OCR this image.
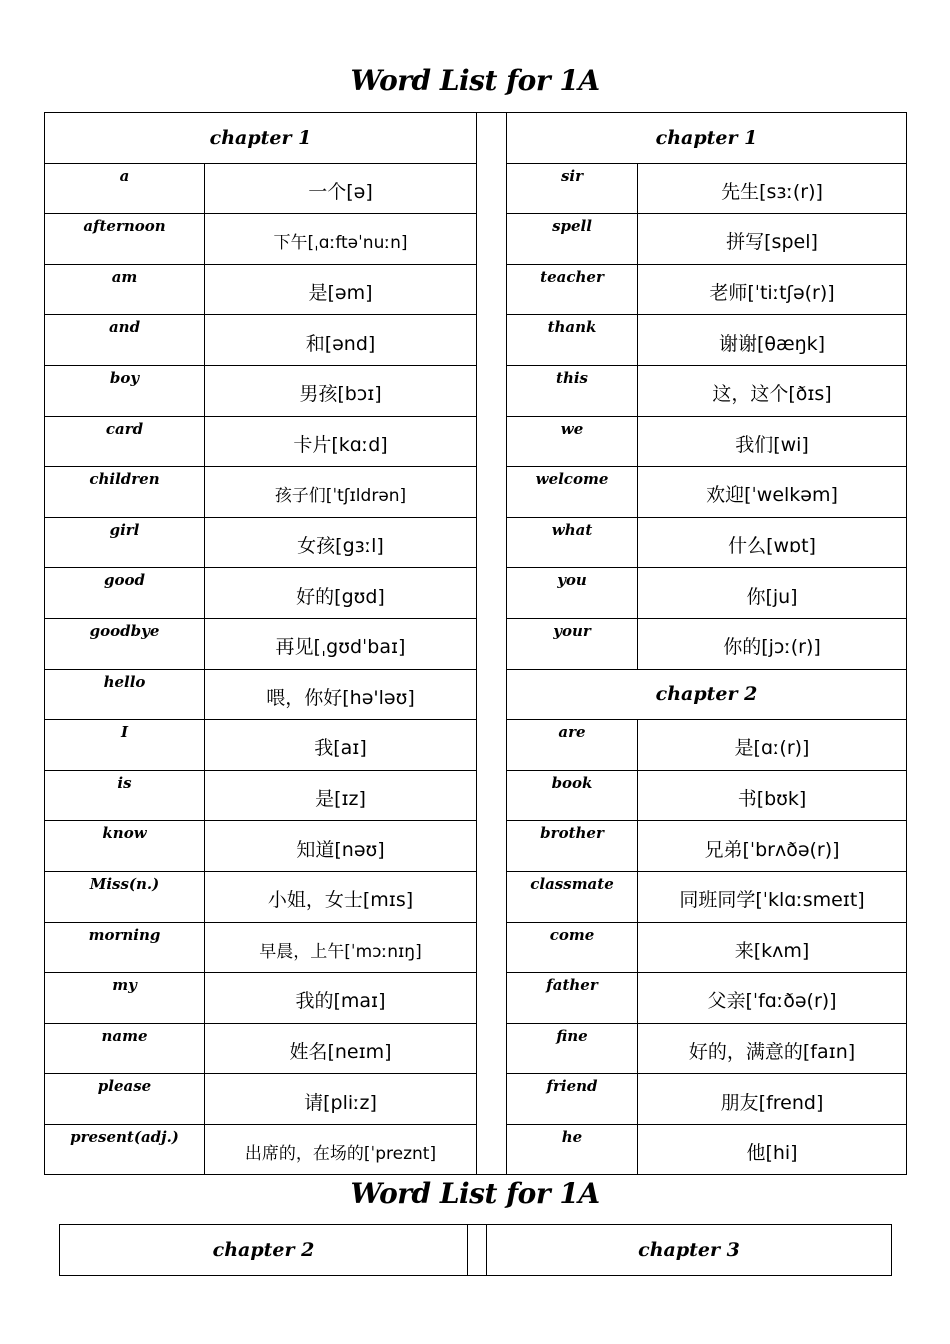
Word List for 1A
chapter 1			chapter 1	
a	一个[ə]		sir	先生[sɜː(r)]
afternoon	下午[ˌɑːftəˈnuːn]		spell	拼写[spel]
am	是[əm]		teacher	老师[ˈtiːtʃə(r)]
and	和[ənd]		thank	谢谢[θæŋk]
boy	男孩[bɔɪ]		this	这，这个[ðɪs]
card	卡片[kɑːd]		we	我们[wi]
children	孩子们[ˈtʃɪldrən]		welcome	欢迎[ˈwelkəm]
girl	女孩[gɜːl]		what	什么[wɒt]
good	好的[gʊd]		you	你[ju]
goodbye	再见[ˌgʊdˈbaɪ]		your	你的[jɔː(r)]
hello	喂，你好[hə'ləʊ]		chapter 2	
I	我[aɪ]		are	是[ɑː(r)]
is	是[ɪz]		book	书[bʊk]
know	知道[nəʊ]		brother	兄弟[ˈbrʌðə(r)]
Miss(n.)	小姐，女士[mɪs]		classmate	同班同学[ˈklɑːsmeɪt]
morning	早晨，上午[ˈmɔːnɪŋ]		come	来[kʌm]
my	我的[maɪ]		father	父亲[ˈfɑːðə(r)]
name	姓名[neɪm]		fine	好的，满意的[faɪn]
please	请[pliːz]		friend	朋友[frend]
present(adj.)	出席的，在场的[ˈpreznt]		he	他[hi]
Word List for 1A
chapter 2		chapter 3
